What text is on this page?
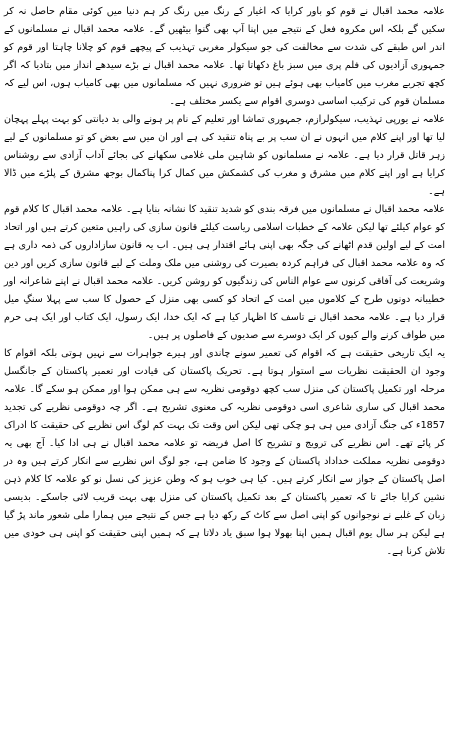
علامہ محمد اقبال نے قوم کو باور کرایا کہ اغیار کے رنگ میں رنگ کر ہم دنیا میں کوئی مقام حاصل نہ کر سکیں گے بلکہ اس مکروہ فعل کے نتیجے میں اپنا آپ بھی گنوا بیٹھیں گے۔ علامہ محمد اقبال نے مسلمانوں کے اندر اس طبقے کی شدت سے مخالفت کی جو سیکولر مغربی تہذیب کے پیچھے قوم کو چلانا چاہتا اور قوم کو جمہوری آزادیوں کی فلم پری میں سبز باغ دکھاتا تھا۔ علامہ محمد اقبال نے بڑے سیدھے انداز میں بتادیا کہ اگر کچھ تجربے مغرب میں کامیاب بھی ہوئے ہیں تو ضروری نہیں کہ مسلمانوں میں بھی کامیاب ہوں، اس لیے کہ مسلمان قوم کی ترکیب اساسی دوسری اقوام سے یکسر مختلف ہے۔

علامہ نے یورپی تہذیب، سیکولرازم، جمہوری تماشا اور تعلیم کے نام پر ہونے والی بد دیانتی کو بہت پہلے پہچان لیا تھا اور اپنے کلام میں انہوں نے ان سب پر بے پناہ تنقید کی ہے اور ان میں سے بعض کو تو مسلمانوں کے لیے زہر قاتل قرار دیا ہے۔ علامہ نے مسلمانوں کو شاہین ملی غلامی سکھانے کی بجائے آداب آزادی سے روشناس کرایا ہے اور اپنے کلام میں مشرق و مغرب کی کشمکش میں کمال کرا پناکمال بوجھ مشرق کے پلڑے میں ڈالا ہے۔

علامہ محمد اقبال نے مسلمانوں میں فرقہ بندی کو شدید تنقید کا نشانہ بنایا ہے۔ علامہ محمد اقبال کا کلام قوم کو عوام کیلئے تھا لیکن علامہ کے خطبات اسلامی ریاست کیلئے قانون سازی کی راہیں متعین کرتے ہیں اور اتحاد امت کے لیے اولین قدم اٹھانے کی جگہ بھی اپنی ہائے اقتدار ہی ہیں۔ اب یہ قانون سازاداروں کی ذمہ داری ہے کہ وہ علامہ محمد اقبال کی فراہم کردہ بصیرت کی روشنی میں ملک وملت کے لیے قانون سازی کریں اور دین وشریعت کی آفاقی کرنوں سے عوام الناس کی زندگیوں کو روشن کریں۔ علامہ محمد اقبال نے اپنے شاعرانہ اور خطیبانہ دونوں طرح کے کلاموں میں امت کے اتحاد کو کسی بھی منزل کے حصول کا سب سے پہلا سنگِ میل قرار دیا ہے۔ علامہ محمد اقبال نے تاسف کا اظہار کیا ہے کہ ایک خدا، ایک رسول، ایک کتاب اور ایک ہی حرم میں طواف کرنے والے کیوں کر ایک دوسرے سے صدیوں کے فاصلوں پر ہیں۔

یہ ایک تاریخی حقیقت ہے کہ اقوام کی تعمیر سونے چاندی اور ہیرے جواہرات سے نہیں ہوتی بلکہ اقوام کا وجود ان الحقیقت نظریات سے استوار ہوتا ہے۔ تحریک پاکستان کی قیادت اور تعمیر پاکستان کے جانگسل مرحلہ اور تکمیل پاکستان کی منزل سب کچھ دوقومی نظریہ سے ہی ممکن ہوا اور ممکن ہو سکے گا۔ علامہ محمد اقبال کی ساری شاعری اسی دوقومی نظریہ کی معنوی تشریح ہے۔ اگر چہ دوقومی نظریے کی تجدید 1857ء کی جنگ آزادی میں ہی ہو چکی تھی لیکن اس وقت تک بہت کم لوگ اس نظریے کی حقیقت کا ادراک کر پائے تھے۔ اس نظریے کی ترویج و تشریح کا اصل فریضہ تو علامہ محمد اقبال نے ہی ادا کیا۔ آج بھی یہ دوقومی نظریہ مملکت خداداد پاکستان کے وجود کا ضامن ہے، جو لوگ اس نظریے سے انکار کرتے ہیں وہ در اصل پاکستان کے جواز سے انکار کرتے ہیں۔ کیا ہی خوب ہو کہ وطن عزیز کی نسل نو کو علامہ کا کلام ذہن نشین کرایا جائے تا کہ تعمیر پاکستان کے بعد تکمیل پاکستان کی منزل بھی بہت قریب لائی جاسکے۔ بدیسی زبان کے غلبے نے نوجوانوں کو اپنی اصل سے کاٹ کے رکھ دیا ہے جس کے نتیجے میں ہمارا ملی شعور ماند پڑ گیا ہے لیکن ہر سال یوم اقبال ہمیں اپنا بھولا ہوا سبق یاد دلاتا ہے کہ ہمیں اپنی حقیقت کو اپنی ہی خودی میں تلاش کرنا ہے۔
